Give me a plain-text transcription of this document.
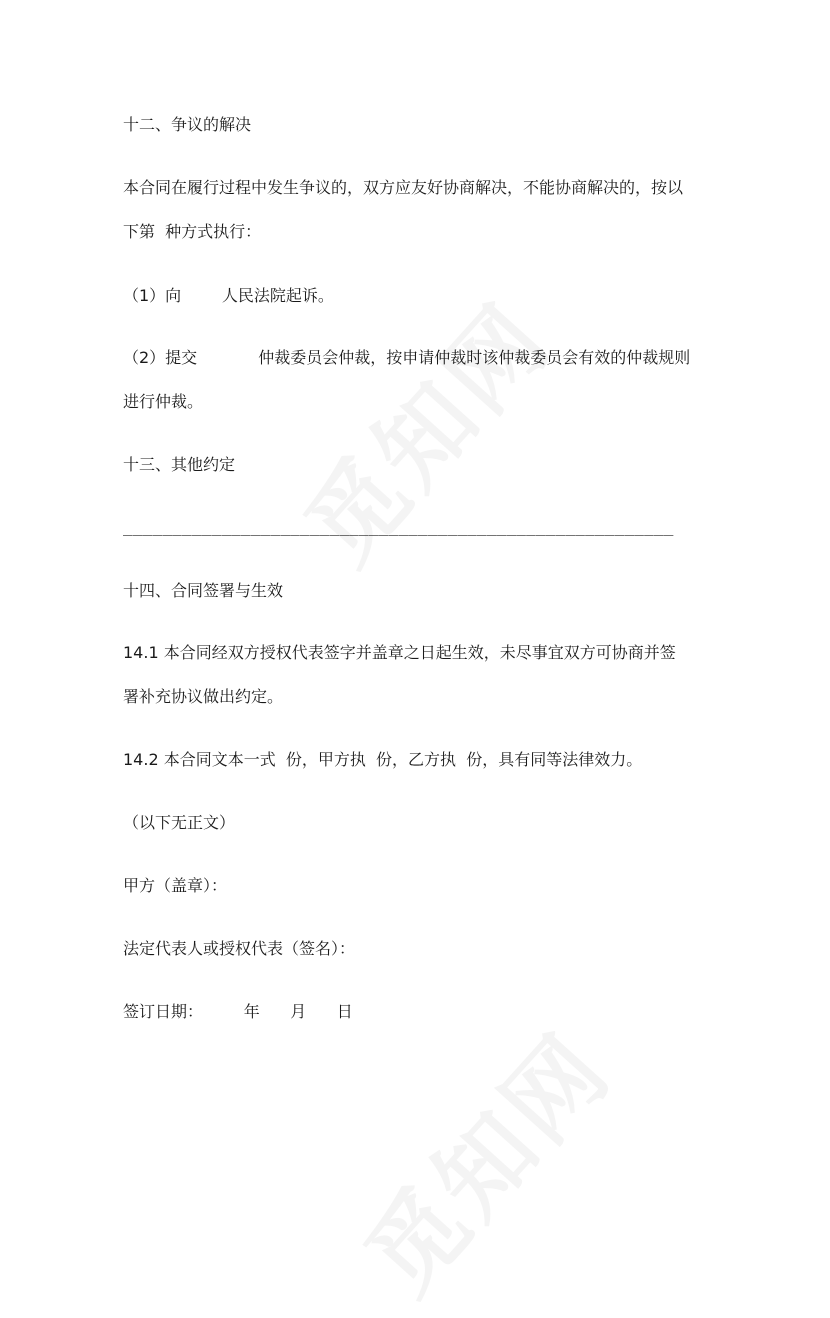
十二、争议的解决
本合同在履行过程中发生争议的，双方应友好协商解决，不能协商解决的，按以
下第  种方式执行：
（1）向        人民法院起诉。
（2）提交            仲裁委员会仲裁，按申请仲裁时该仲裁委员会有效的仲裁规则
进行仲裁。
十三、其他约定
________________________________________________________
十四、合同签署与生效
14.1 本合同经双方授权代表签字并盖章之日起生效，未尽事宜双方可协商并签
署补充协议做出约定。
14.2 本合同文本一式  份，甲方执  份，乙方执  份，具有同等法律效力。
（以下无正文）
甲方（盖章）：
法定代表人或授权代表（签名）：
签订日期：        年      月      日
